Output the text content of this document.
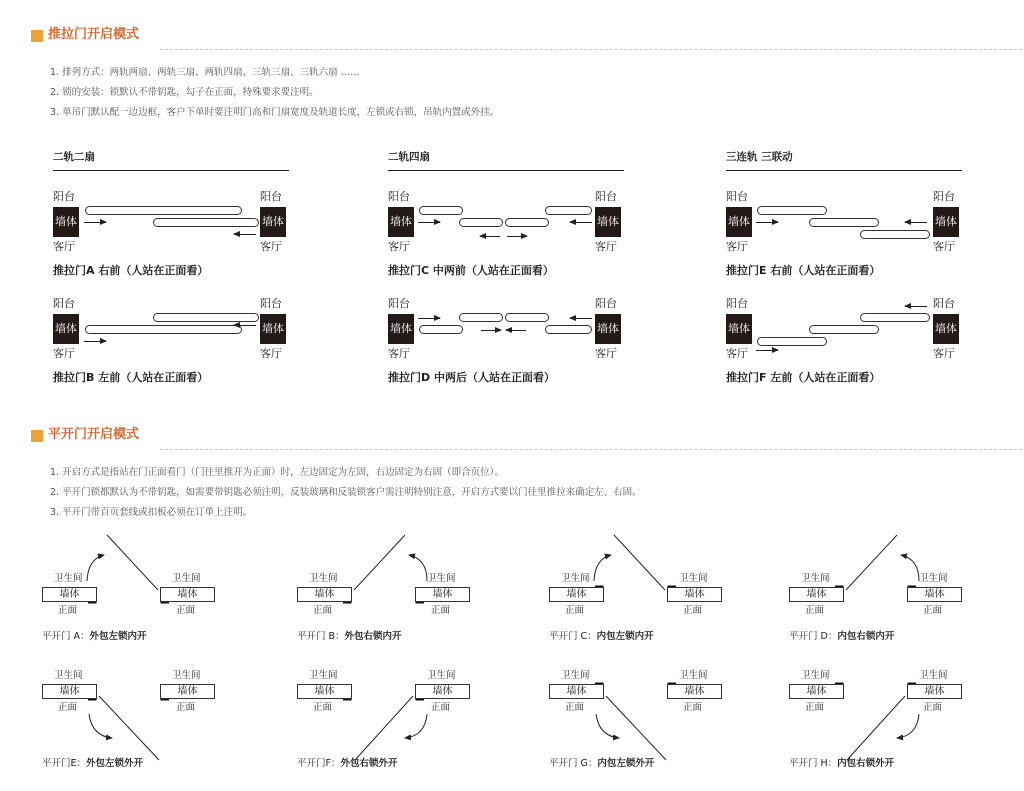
推拉门开启模式
1. 排列方式：两轨两扇、两轨三扇、两轨四扇、三轨三扇、三轨六扇 ……
2. 锁的安装：锁默认不带钥匙，勾子在正面，特殊要求要注明。
3. 单吊门默认配一边边框，客户下单时要注明门高和门扇宽度及轨道长度，左锁或右锁，吊轨内置或外挂。
二轨二扇	二轨四扇	三连轨 三联动
阳台	阳台
墙体	墙体
客厅	客厅
推拉门A 右前（人站在正面看）
阳台	阳台
墙体	墙体
客厅	客厅
推拉门B 左前（人站在正面看）
阳台	阳台
墙体	墙体
客厅	客厅
推拉门C 中两前（人站在正面看）
阳台	阳台
墙体	墙体
客厅	客厅
推拉门D 中两后（人站在正面看）
阳台	阳台
墙体	墙体
客厅	客厅
推拉门E 右前（人站在正面看）
阳台	阳台
墙体	墙体
客厅	客厅
推拉门F 左前（人站在正面看）
平开门开启模式
1. 开启方式是指站在门正面看门（门往里推开为正面）时，左边固定为左固，右边固定为右固（即合页位）。
2. 平开门锁都默认为不带钥匙，如需要带钥匙必须注明，反装玻璃和反装锁客户需注明特别注意，开启方式要以门往里推拉来确定左、右固。
3. 平开门带百页套线或扣板必须在订单上注明。
卫生间	卫生间
墙体	墙体
正面	正面
平开门 A：外包左锁内开
卫生间	卫生间
墙体	墙体
正面	正面
平开门 B：外包右锁内开
卫生间	卫生间
墙体	墙体
正面	正面
平开门 C：内包左锁内开
卫生间	卫生间
墙体	墙体
正面	正面
平开门 D：内包右锁内开
卫生间	卫生间
墙体	墙体
正面	正面
平开门E：外包左锁外开
卫生间	卫生间
墙体	墙体
正面	正面
平开门F：外包右锁外开
卫生间	卫生间
墙体	墙体
正面	正面
平开门 G：内包左锁外开
卫生间	卫生间
墙体	墙体
正面	正面
平开门 H：内包右锁外开
